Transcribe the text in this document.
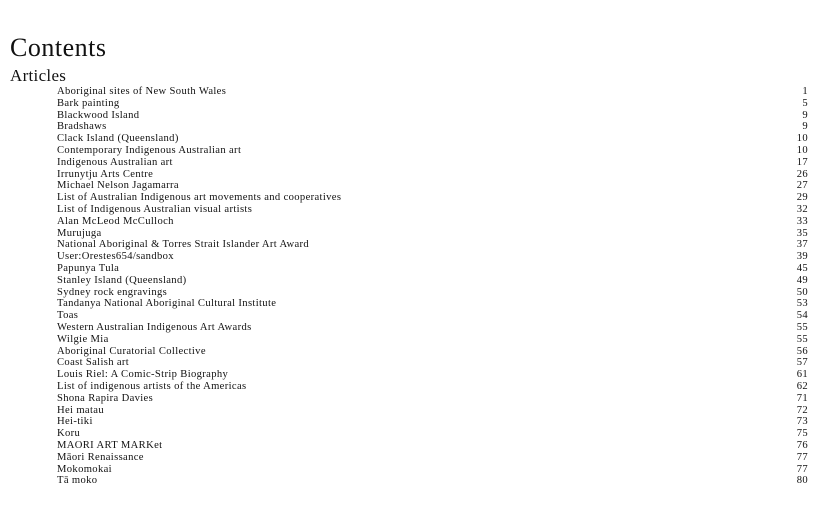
Contents
Articles
Aboriginal sites of New South Wales	1
Bark painting	5
Blackwood Island	9
Bradshaws	9
Clack Island (Queensland)	10
Contemporary Indigenous Australian art	10
Indigenous Australian art	17
Irrunytju Arts Centre	26
Michael Nelson Jagamarra	27
List of Australian Indigenous art movements and cooperatives	29
List of Indigenous Australian visual artists	32
Alan McLeod McCulloch	33
Murujuga	35
National Aboriginal & Torres Strait Islander Art Award	37
User:Orestes654/sandbox	39
Papunya Tula	45
Stanley Island (Queensland)	49
Sydney rock engravings	50
Tandanya National Aboriginal Cultural Institute	53
Toas	54
Western Australian Indigenous Art Awards	55
Wilgie Mia	55
Aboriginal Curatorial Collective	56
Coast Salish art	57
Louis Riel: A Comic-Strip Biography	61
List of indigenous artists of the Americas	62
Shona Rapira Davies	71
Hei matau	72
Hei-tiki	73
Koru	75
MAORI ART MARKet	76
Māori Renaissance	77
Mokomokai	77
Tā moko	80
